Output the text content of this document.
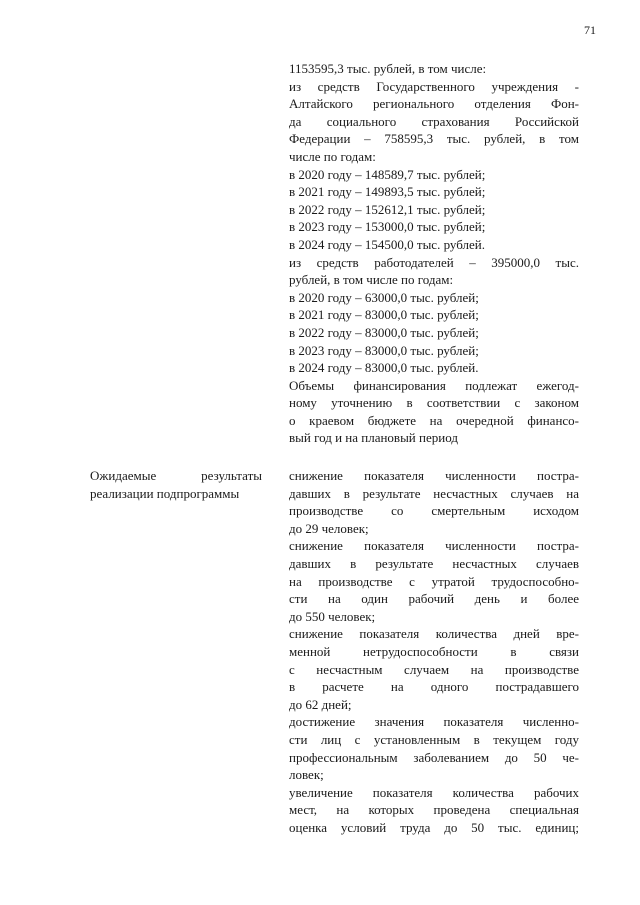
71
1153595,3 тыс. рублей, в том числе:
из средств Государственного учреждения -
Алтайского регионального отделения Фон-
да социального страхования Российской
Федерации – 758595,3 тыс. рублей, в том
числе по годам:
в 2020 году – 148589,7 тыс. рублей;
в 2021 году – 149893,5 тыс. рублей;
в 2022 году – 152612,1 тыс. рублей;
в 2023 году – 153000,0 тыс. рублей;
в 2024 году – 154500,0 тыс. рублей.
из средств работодателей – 395000,0 тыс.
рублей, в том числе по годам:
в 2020 году – 63000,0 тыс. рублей;
в 2021 году – 83000,0 тыс. рублей;
в 2022 году – 83000,0 тыс. рублей;
в 2023 году – 83000,0 тыс. рублей;
в 2024 году – 83000,0 тыс. рублей.
Объемы финансирования подлежат ежегод-
ному уточнению в соответствии с законом
о краевом бюджете на очередной финансо-
вый год и на плановый период
Ожидаемые результаты
реализации подпрограммы
снижение показателя численности постра-
давших в результате несчастных случаев на
производстве со смертельным исходом
до 29 человек;
снижение показателя численности постра-
давших в результате несчастных случаев
на производстве с утратой трудоспособно-
сти на один рабочий день и более
до 550 человек;
снижение показателя количества дней вре-
менной нетрудоспособности в связи
с несчастным случаем на производстве
в расчете на одного пострадавшего
до 62 дней;
достижение значения показателя численно-
сти лиц с установленным в текущем году
профессиональным заболеванием до 50 че-
ловек;
увеличение показателя количества рабочих
мест, на которых проведена специальная
оценка условий труда до 50 тыс. единиц;
